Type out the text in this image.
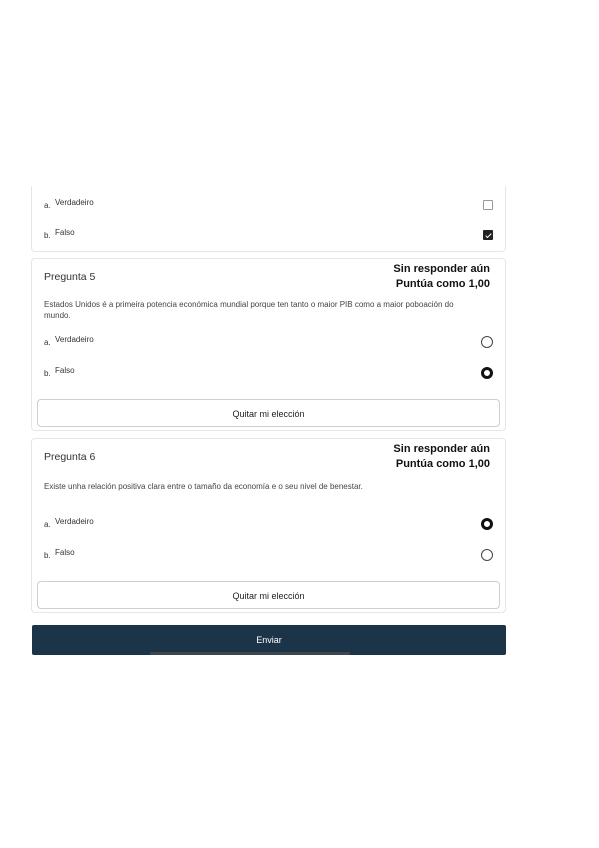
a. Verdadeiro
b. Falso
Pregunta 5
Sin responder aún
Puntúa como 1,00
Estados Unidos é a primeira potencia económica mundial porque ten tanto o maior PIB como a maior poboación do mundo.
a. Verdadeiro
b. Falso
Quitar mi elección
Pregunta 6
Sin responder aún
Puntúa como 1,00
Existe unha relación positiva clara entre o tamaño da economía e o seu nivel de benestar.
a. Verdadeiro
b. Falso
Quitar mi elección
Enviar
